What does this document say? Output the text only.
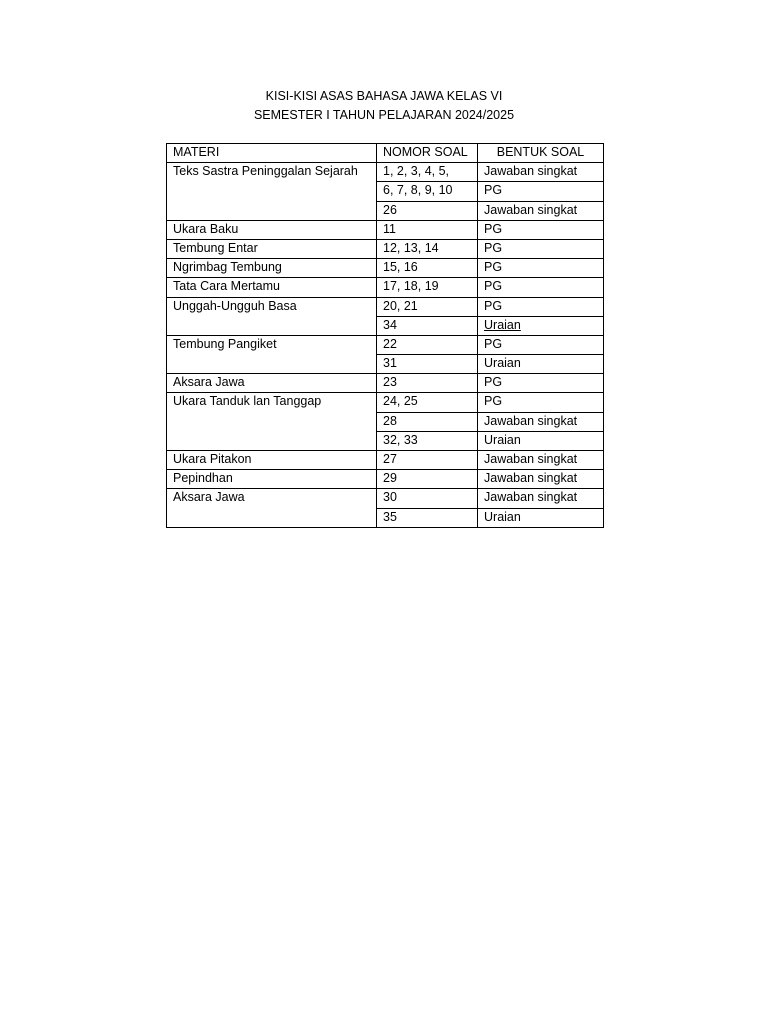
KISI-KISI ASAS BAHASA JAWA KELAS VI
SEMESTER I TAHUN PELAJARAN 2024/2025
MATERI	NOMOR SOAL	BENTUK SOAL
Teks Sastra Peninggalan Sejarah	1, 2, 3, 4, 5,	Jawaban singkat
	6, 7, 8, 9, 10	PG
	26	Jawaban singkat
Ukara Baku	11	PG
Tembung Entar	12, 13, 14	PG
Ngrimbag Tembung	15, 16	PG
Tata Cara Mertamu	17, 18, 19	PG
Unggah-Ungguh Basa	20, 21	PG
	34	Uraian
Tembung Pangiket	22	PG
	31	Uraian
Aksara Jawa	23	PG
Ukara Tanduk lan Tanggap	24, 25	PG
	28	Jawaban singkat
	32, 33	Uraian
Ukara Pitakon	27	Jawaban singkat
Pepindhan	29	Jawaban singkat
Aksara Jawa	30	Jawaban singkat
	35	Uraian
